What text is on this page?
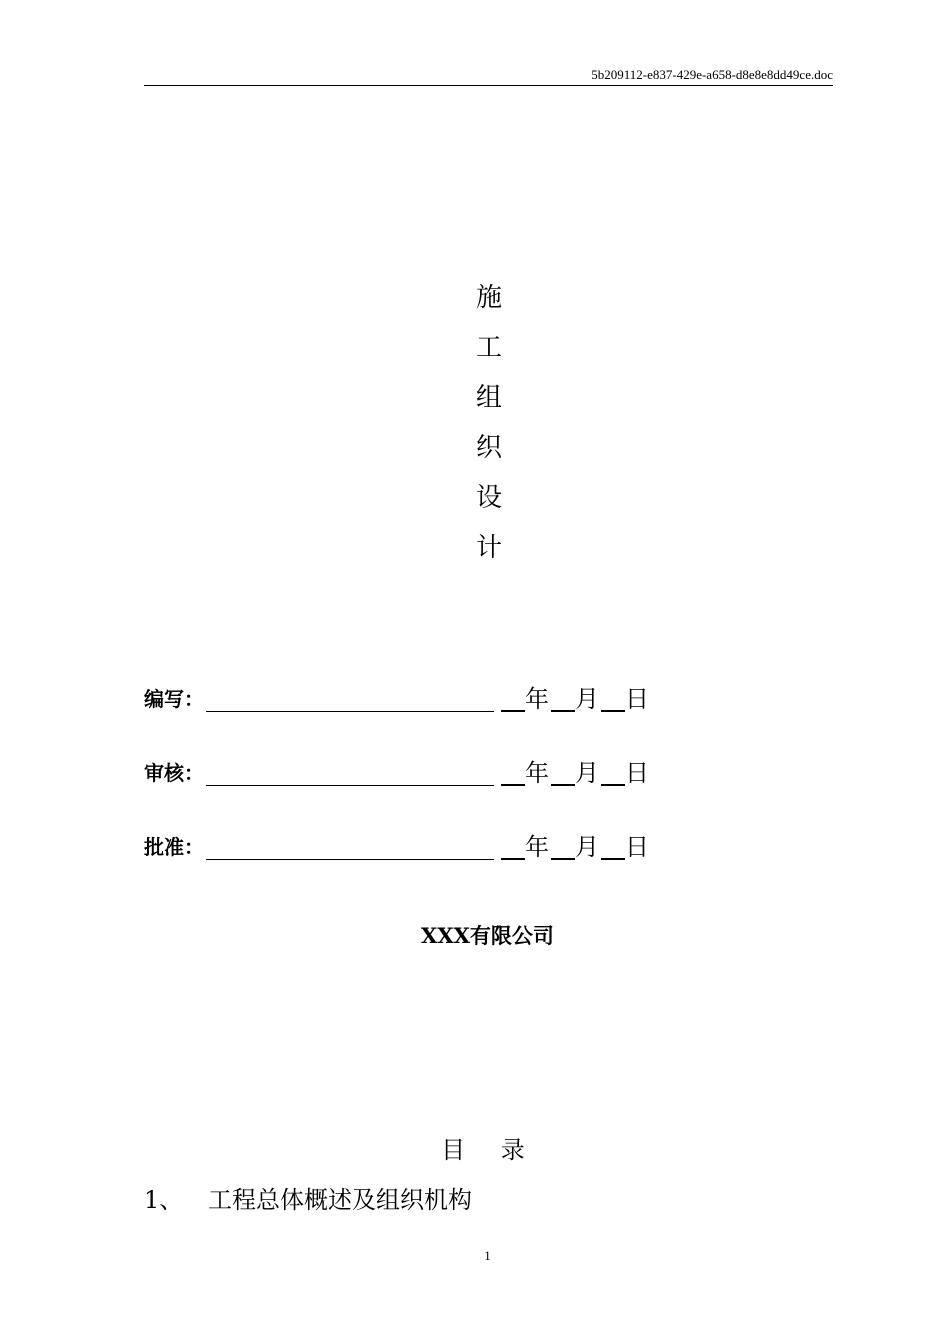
5b209112-e837-429e-a658-d8e8e8dd49ce.doc
施
工
组
织
设
计
编写：	年 月 日
审核：	年 月 日
批准：	年 月 日
XXX有限公司
目 录
1、	工程总体概述及组织机构
1
